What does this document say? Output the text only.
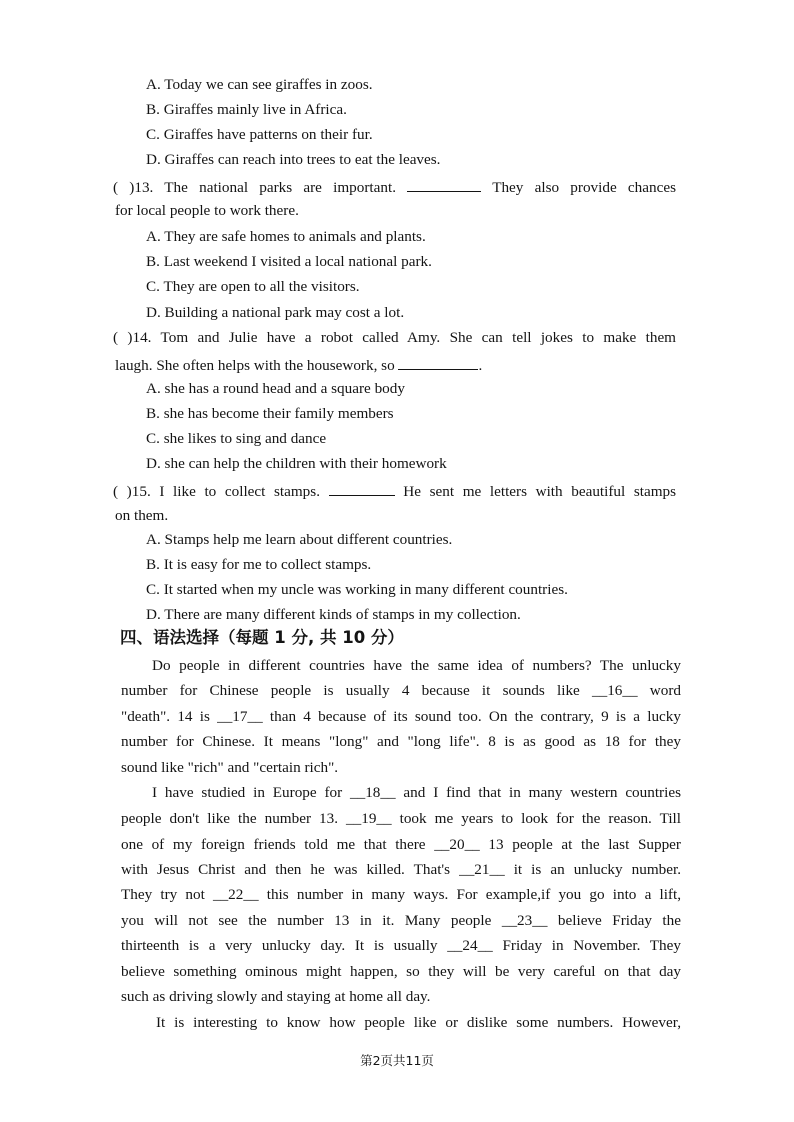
A. Today we can see giraffes in zoos.
B. Giraffes mainly live in Africa.
C. Giraffes have patterns on their fur.
D. Giraffes can reach into trees to eat the leaves.
( )13. The national parks are important.	They also provide chances
for local people to work there.
A. They are safe homes to animals and plants.
B. Last weekend I visited a local national park.
C. They are open to all the visitors.
D. Building a national park may cost a lot.
( )14. Tom and Julie have a robot called Amy. She can tell jokes to make them
laugh. She often helps with the housework, so	.
A. she has a round head and a square body
B. she has become their family members
C. she likes to sing and dance
D. she can help the children with their homework
( )15. I like to collect stamps.	He sent me letters with beautiful stamps
on them.
A. Stamps help me learn about different countries.
B. It is easy for me to collect stamps.
C. It started when my uncle was working in many different countries.
D. There are many different kinds of stamps in my collection.
四、语法选择（每题 1 分, 共 10 分）
Do people in different countries have the same idea of numbers? The unlucky
number for Chinese people is usually 4 because it sounds like __16__ word
"death". 14 is __17__ than 4 because of its sound too. On the contrary, 9 is a lucky
number for Chinese. It means "long" and "long life". 8 is as good as 18 for they
sound like "rich" and "certain rich".
I have studied in Europe for __18__ and I find that in many western countries
people don't like the number 13. __19__ took me years to look for the reason. Till
one of my foreign friends told me that there __20__ 13 people at the last Supper
with Jesus Christ and then he was killed. That's __21__ it is an unlucky number.
They try not __22__ this number in many ways. For example,if you go into a lift,
you will not see the number 13 in it. Many people __23__ believe Friday the
thirteenth is a very unlucky day. It is usually __24__ Friday in November. They
believe something ominous might happen, so they will be very careful on that day
such as driving slowly and staying at home all day.
It is interesting to know how people like or dislike some numbers. However,
第2页共11页
